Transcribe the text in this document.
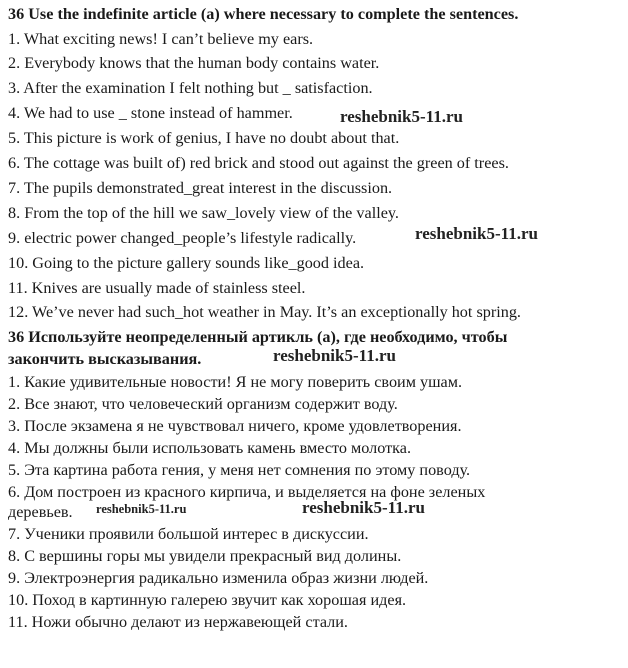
36 Use the indefinite article (a) where necessary to complete the sentences.
1. What exciting news! I can’t believe my ears.
2. Everybody knows that the human body contains water.
3. After the examination I felt nothing but _ satisfaction.
4. We had to use _ stone instead of hammer.
5. This picture is work of genius, I have no doubt about that.
6. The cottage was built of) red brick and stood out against the green of trees.
7. The pupils demonstrated_great interest in the discussion.
8. From the top of the hill we saw_lovely view of the valley.
9. electric power changed_people’s lifestyle radically.
10. Going to the picture gallery sounds like_good idea.
11. Knives are usually made of stainless steel.
12. We’ve never had such_hot weather in May. It’s an exceptionally hot spring.
36 Используйте неопределенный артикль (а), где необходимо, чтобы
закончить высказывания.
1. Какие удивительные новости! Я не могу поверить своим ушам.
2. Все знают, что человеческий организм содержит воду.
3. После экзамена я не чувствовал ничего, кроме удовлетворения.
4. Мы должны были использовать камень вместо молотка.
5. Эта картина работа гения, у меня нет сомнения по этому поводу.
6. Дом построен из красного кирпича, и выделяется на фоне зеленых
деревьев.
7. Ученики проявили большой интерес в дискуссии.
8. С вершины горы мы увидели прекрасный вид долины.
9. Электроэнергия радикально изменила образ жизни людей.
10. Поход в картинную галерею звучит как хорошая идея.
11. Ножи обычно делают из нержавеющей стали.
reshebnik5-11.ru
reshebnik5-11.ru
reshebnik5-11.ru
reshebnik5-11.ru	reshebnik5-11.ru
